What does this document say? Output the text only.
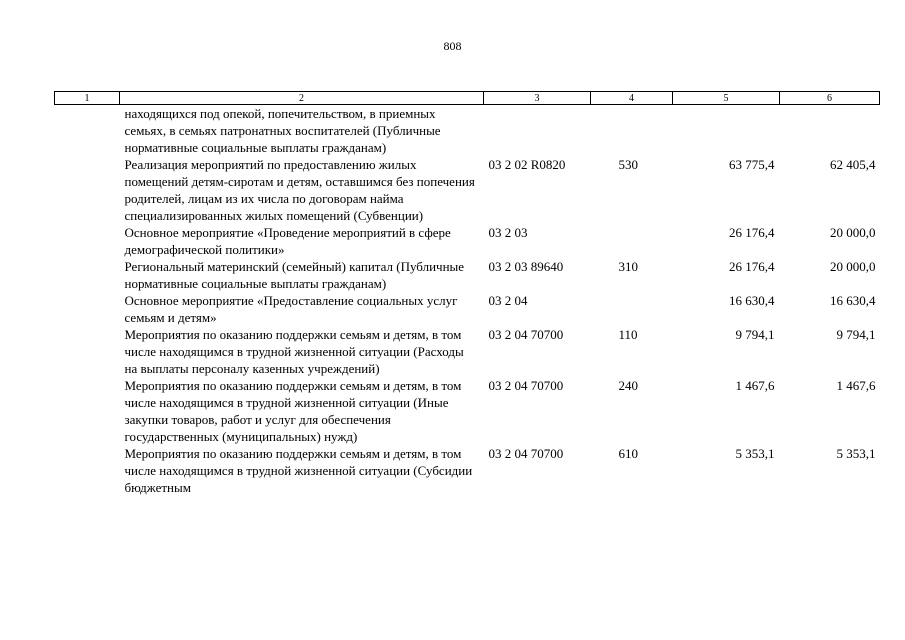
808
1	2	3	4	5	6
	находящихся под опекой, попечительством, в приемных семьях, в семьях патронатных воспитателей (Публичные нормативные социальные выплаты гражданам)				
	Реализация мероприятий по предоставлению жилых помещений детям-сиротам и детям, оставшимся без попечения родителей, лицам из их числа по договорам найма специализированных жилых помещений (Субвенции)	03 2 02 R0820	530	63 775,4	62 405,4
	Основное мероприятие «Проведение мероприятий в сфере демографической политики»	03 2 03		26 176,4	20 000,0
	Региональный материнский (семейный) капитал (Публичные нормативные социальные выплаты гражданам)	03 2 03 89640	310	26 176,4	20 000,0
	Основное мероприятие «Предоставление социальных услуг семьям и детям»	03 2 04		16 630,4	16 630,4
	Мероприятия по оказанию поддержки семьям и детям, в том числе находящимся в трудной жизненной ситуации (Расходы на выплаты персоналу казенных учреждений)	03 2 04 70700	110	9 794,1	9 794,1
	Мероприятия по оказанию поддержки семьям и детям, в том числе находящимся в трудной жизненной ситуации (Иные закупки товаров, работ и услуг для обеспечения государственных (муниципальных) нужд)	03 2 04 70700	240	1 467,6	1 467,6
	Мероприятия по оказанию поддержки семьям и детям, в том числе находящимся в трудной жизненной ситуации (Субсидии бюджетным	03 2 04 70700	610	5 353,1	5 353,1
